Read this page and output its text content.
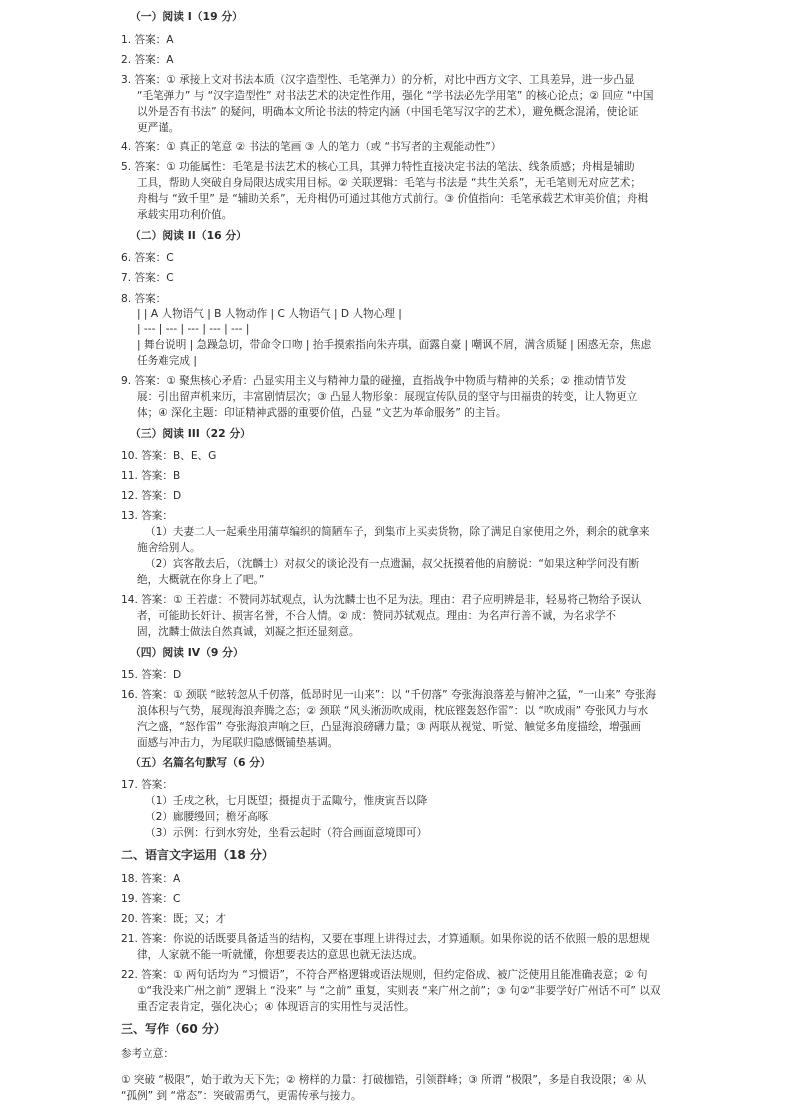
（一）阅读 I（19 分）
1. 答案：A
2. 答案：A
3. 答案：① 承接上文对书法本质（汉字造型性、毛笔弹力）的分析，对比中西方文字、工具差异，进一步凸显
“毛笔弹力” 与 “汉字造型性” 对书法艺术的决定性作用，强化 “学书法必先学用笔” 的核心论点；② 回应 “中国
以外是否有书法” 的疑问，明确本文所论书法的特定内涵（中国毛笔写汉字的艺术），避免概念混淆，使论证
更严谨。
4. 答案：① 真正的笔意 ② 书法的笔画 ③ 人的笔力（或 “书写者的主观能动性”）
5. 答案：① 功能属性：毛笔是书法艺术的核心工具，其弹力特性直接决定书法的笔法、线条质感；舟楫是辅助
工具，帮助人突破自身局限达成实用目标。② 关联逻辑：毛笔与书法是 “共生关系”，无毛笔则无对应艺术；
舟楫与 “致千里” 是 “辅助关系”，无舟楫仍可通过其他方式前行。③ 价值指向：毛笔承载艺术审美价值；舟楫
承载实用功利价值。
（二）阅读 II（16 分）
6. 答案：C
7. 答案：C
8. 答案：
| | A 人物语气 | B 人物动作 | C 人物语气 | D 人物心理 |
| --- | --- | --- | --- | --- |
| 舞台说明 | 急躁急切，带命令口吻 | 抬手摸索指向朱卉琪，面露自豪 | 嘲讽不屑，满含质疑 | 困惑无奈，焦虑
任务难完成 |
9. 答案：① 聚焦核心矛盾：凸显实用主义与精神力量的碰撞，直指战争中物质与精神的关系；② 推动情节发
展：引出留声机来历，丰富剧情层次；③ 凸显人物形象：展现宣传队员的坚守与田福贵的转变，让人物更立
体；④ 深化主题：印证精神武器的重要价值，凸显 “文艺为革命服务” 的主旨。
（三）阅读 III（22 分）
10. 答案：B、E、G
11. 答案：B
12. 答案：D
13. 答案：
（1）夫妻二人一起乘坐用蒲草编织的简陋车子，到集市上买卖货物，除了满足自家使用之外，剩余的就拿来
施舍给别人。
（2）宾客散去后，（沈麟士）对叔父的谈论没有一点遗漏，叔父抚摸着他的肩膀说：“如果这种学问没有断
绝，大概就在你身上了吧。”
14. 答案：① 王若虚：不赞同苏轼观点，认为沈麟士也不足为法。理由：君子应明辨是非，轻易将己物给予误认
者，可能助长奸计、损害名誉，不合人情。② 成：赞同苏轼观点。理由：为名声行善不诚，为名求学不
固，沈麟士做法自然真诚，刘凝之拒还显刻意。
（四）阅读 IV（9 分）
15. 答案：D
16. 答案：① 颈联 “眩转忽从千仞落，低昂时见一山来”：以 “千仞落” 夸张海浪落差与俯冲之猛，“一山来” 夸张海
浪体积与气势，展现海浪奔腾之态；② 颈联 “风头淅沥吹成雨，枕底铿轰怒作雷”：以 “吹成雨” 夸张风力与水
汽之盛，“怒作雷” 夸张海浪声响之巨，凸显海浪磅礴力量；③ 两联从视觉、听觉、触觉多角度描绘，增强画
面感与冲击力，为尾联归隐感慨铺垫基调。
（五）名篇名句默写（6 分）
17. 答案：
（1）壬戌之秋，七月既望；摄提贞于孟陬兮，惟庚寅吾以降
（2）廊腰缦回；檐牙高啄
（3）示例：行到水穷处，坐看云起时（符合画面意境即可）
二、语言文字运用（18 分）
18. 答案：A
19. 答案：C
20. 答案：既；又；才
21. 答案：你说的话既要具备适当的结构，又要在事理上讲得过去，才算通顺。如果你说的话不依照一般的思想规
律，人家就不能一听就懂，你想要表达的意思也就无法达成。
22. 答案：① 两句话均为 “习惯语”，不符合严格逻辑或语法规则，但约定俗成、被广泛使用且能准确表意；② 句
①“我没来广州之前” 逻辑上 “没来” 与 “之前” 重复，实则表 “来广州之前”；③ 句②“非要学好广州话不可” 以双
重否定表肯定，强化决心；④ 体现语言的实用性与灵活性。
三、写作（60 分）
参考立意：
① 突破 “极限”，始于敢为天下先；② 榜样的力量：打破枷锆，引领群峰；③ 所谓 “极限”，多是自我设限；④ 从
“孤例” 到 “常态”：突破需勇气，更需传承与接力。
